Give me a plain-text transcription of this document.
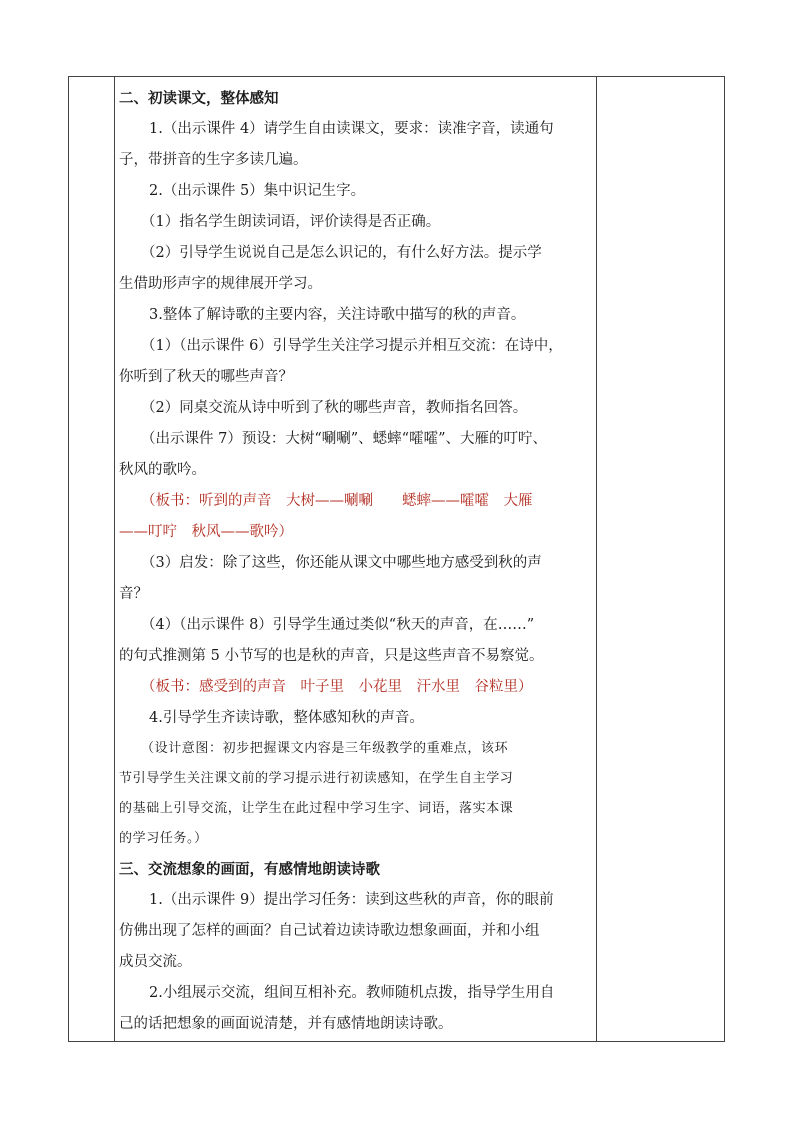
二、初读课文，整体感知
1.（出示课件 4）请学生自由读课文，要求：读准字音，读通句
子，带拼音的生字多读几遍。
2.（出示课件 5）集中识记生字。
（1）指名学生朗读词语，评价读得是否正确。
（2）引导学生说说自己是怎么识记的，有什么好方法。提示学
生借助形声字的规律展开学习。
3.整体了解诗歌的主要内容，关注诗歌中描写的秋的声音。
（1）（出示课件 6）引导学生关注学习提示并相互交流：在诗中，
你听到了秋天的哪些声音？
（2）同桌交流从诗中听到了秋的哪些声音，教师指名回答。
（出示课件 7）预设：大树“唰唰”、蟋蟀“嚯嚯”、大雁的叮咛、
秋风的歌吟。
（板书：听到的声音　大树——唰唰　　蟋蟀——嚯嚯　大雁
——叮咛　秋风——歌吟）
（3）启发：除了这些，你还能从课文中哪些地方感受到秋的声
音？
（4）（出示课件 8）引导学生通过类似“秋天的声音，在……”
的句式推测第 5 小节写的也是秋的声音，只是这些声音不易察觉。
（板书：感受到的声音　叶子里　小花里　汗水里　谷粒里）
4.引导学生齐读诗歌，整体感知秋的声音。
（设计意图：初步把握课文内容是三年级教学的重难点，该环
节引导学生关注课文前的学习提示进行初读感知，在学生自主学习
的基础上引导交流，让学生在此过程中学习生字、词语，落实本课
的学习任务。）
三、交流想象的画面，有感情地朗读诗歌
1.（出示课件 9）提出学习任务：读到这些秋的声音，你的眼前
仿佛出现了怎样的画面？自己试着边读诗歌边想象画面，并和小组
成员交流。
2.小组展示交流，组间互相补充。教师随机点拨，指导学生用自
己的话把想象的画面说清楚，并有感情地朗读诗歌。
